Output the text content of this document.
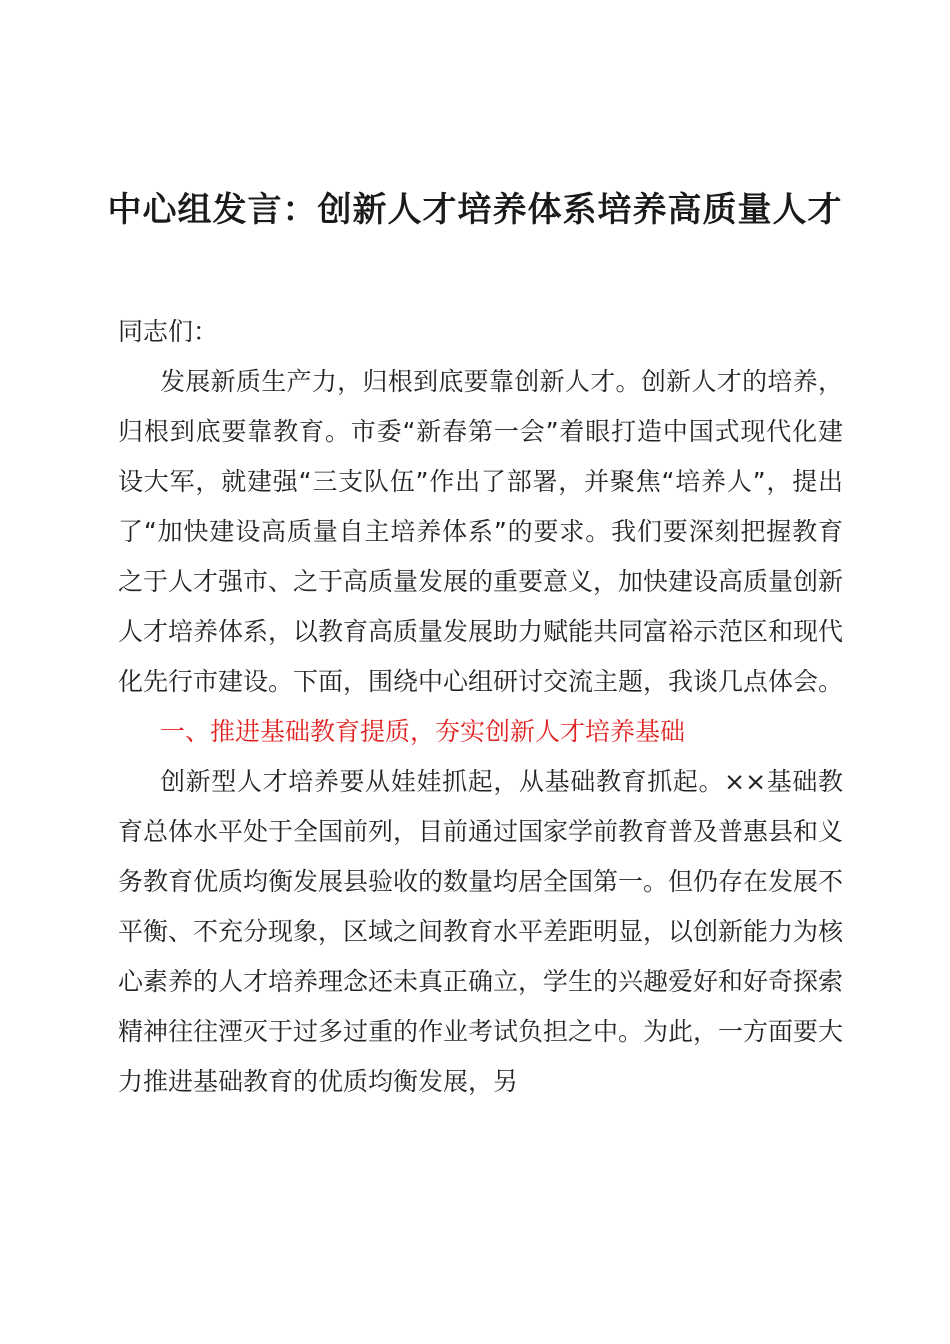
中心组发言：创新人才培养体系培养高质量人才

同志们：

发展新质生产力，归根到底要靠创新人才。创新人才的培养，归根到底要靠教育。市委“新春第一会”着眼打造中国式现代化建设大军，就建强“三支队伍”作出了部署，并聚焦“培养人”，提出了“加快建设高质量自主培养体系”的要求。我们要深刻把握教育之于人才强市、之于高质量发展的重要意义，加快建设高质量创新人才培养体系，以教育高质量发展助力赋能共同富裕示范区和现代化先行市建设。下面，围绕中心组研讨交流主题，我谈几点体会。

一、推进基础教育提质，夯实创新人才培养基础

创新型人才培养要从娃娃抓起，从基础教育抓起。××基础教育总体水平处于全国前列，目前通过国家学前教育普及普惠县和义务教育优质均衡发展县验收的数量均居全国第一。但仍存在发展不平衡、不充分现象，区域之间教育水平差距明显，以创新能力为核心素养的人才培养理念还未真正确立，学生的兴趣爱好和好奇探索精神往往湮灭于过多过重的作业考试负担之中。为此，一方面要大力推进基础教育的优质均衡发展，另
